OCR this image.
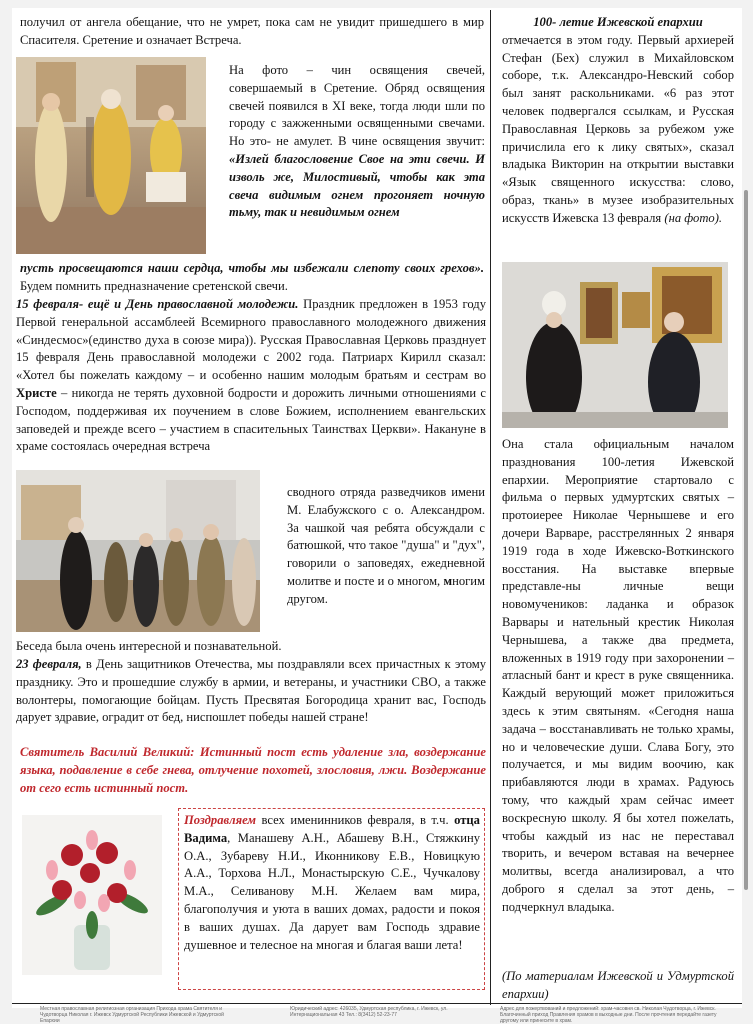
получил от ангела обещание, что не умрет, пока сам не увидит пришедшего в мир Спасителя. Сретение и означает Встреча.

На фото – чин освящения свечей, совершаемый в Сретение. Обряд освящения свечей появился в XI веке, тогда люди шли по городу с зажженными освященными свечами. Но это- не амулет. В чине освящения звучит: «Излей благословение Свое на эти свечи. И изволь же, Милостивый, чтобы как эта свеча видимым огнем прогоняет ночную тьму, так и невидимым огнем

пусть просвещаются наши сердца, чтобы мы избежали слепоту своих грехов». Будем помнить предназначение сретенской свечи.

15 февраля- ещё и День православной молодежи. Праздник предложен в 1953 году Первой генеральной ассамблеей Всемирного православного молодежного движения «Синдесмос»(единство духа в союзе мира)). Русская Православная Церковь празднует 15 февраля День православной молодежи с 2002 года. Патриарх Кирилл сказал: «Хотел бы пожелать каждому – и особенно нашим молодым братьям и сестрам во Христе – никогда не терять духовной бодрости и дорожить личными отношениями с Господом, поддерживая их поучением в слове Божием, исполнением евангельских заповедей и прежде всего – участием в спасительных Таинствах Церкви». Накануне в храме состоялась очередная встреча

сводного отряда разведчиков имени М. Елабужского с о. Александром. За чашкой чая ребята обсуждали с батюшкой, что такое "душа" и "дух", говорили о заповедях, ежедневной молитве и посте и о многом, многим другом.

Беседа была очень интересной и познавательной.

23 февраля, в День защитников Отечества, мы поздравляли всех причастных к этому празднику. Это и прошедшие службу в армии, и ветераны, и участники СВО, а также волонтеры, помогающие бойцам. Пусть Пресвятая Богородица хранит вас, Господь дарует здравие, оградит от бед, ниспошлет победы нашей стране!

Святитель Василий Великий: Истинный пост есть удаление зла, воздержание языка, подавление в себе гнева, отлучение похотей, злословия, лжи. Воздержание от сего есть истинный пост.

Поздравляем всех именинников февраля, в т.ч. отца Вадима, Манашеву А.Н., Абашеву В.Н., Стяжкину О.А., Зубареву Н.И., Иконникову Е.В., Новицкую А.А., Торхова Н.Л., Монастырскую С.Е., Чучкалову М.А., Селиванову М.Н. Желаем вам мира, благополучия и уюта в ваших домах, радости и покоя в ваших душах. Да дарует вам Господь здравие душевное и телесное на многая и благая ваши лета!

100- летие Ижевской епархии
отмечается в этом году. Первый архиерей Стефан (Бех) служил в Михайловском соборе, т.к. Александро-Невский собор был занят раскольниками. «6 раз этот человек подвергался ссылкам, и Русская Православная Церковь за рубежом уже причислила его к лику святых», сказал владыка Викторин на открытии выставки «Язык священного искусства: слово, образ, ткань» в музее изобразительных искусств Ижевска 13 февраля (на фото).

Она стала официальным началом празднования 100-летия Ижевской епархии. Мероприятие стартовало с фильма о первых удмуртских святых – протоиерее Николае Чернышеве и его дочери Варваре, расстрелянных 2 января 1919 года в ходе Ижевско-Воткинского восстания. На выставке впервые представле-ны личные вещи новомучеников: ладанка и образок Варвары и нательный крестик Николая Чернышева, а также два предмета, вложенных в 1919 году при захоронении – атласный бант и крест в руке священника. Каждый верующий может приложиться здесь к этим святыням. «Сегодня наша задача – восстанавливать не только храмы, но и человеческие души. Слава Богу, это получается, и мы видим воочию, как прибавляются люди в храмах. Радуюсь тому, что каждый храм сейчас имеет воскресную школу. Я бы хотел пожелать, чтобы каждый из нас не переставал творить, и вечером вставая на вечернее молитвы, всегда анализировал, а что доброго я сделал за этот день, – подчеркнул владыка.

(По материалам Ижевской и Удмуртской епархии)

Местная православная религиозная организация Прихода храма Святителя и Чудотворца Николая г. Ижевск Удмуртской Республики Ижевской и Удмуртской Епархии
Юридический адрес: 426035, Удмуртская республика, г. Ижевск, ул. Интернациональная 43 Тел.: 8(3412) 52-23-77
Адрес для пожертвований и предложений: храм-часовня св. Николая Чудотворца, г. Ижевск. Благочинный приход Правления храмов в выходные дни. После прочтения передайте газету другому или принесите в храм.
